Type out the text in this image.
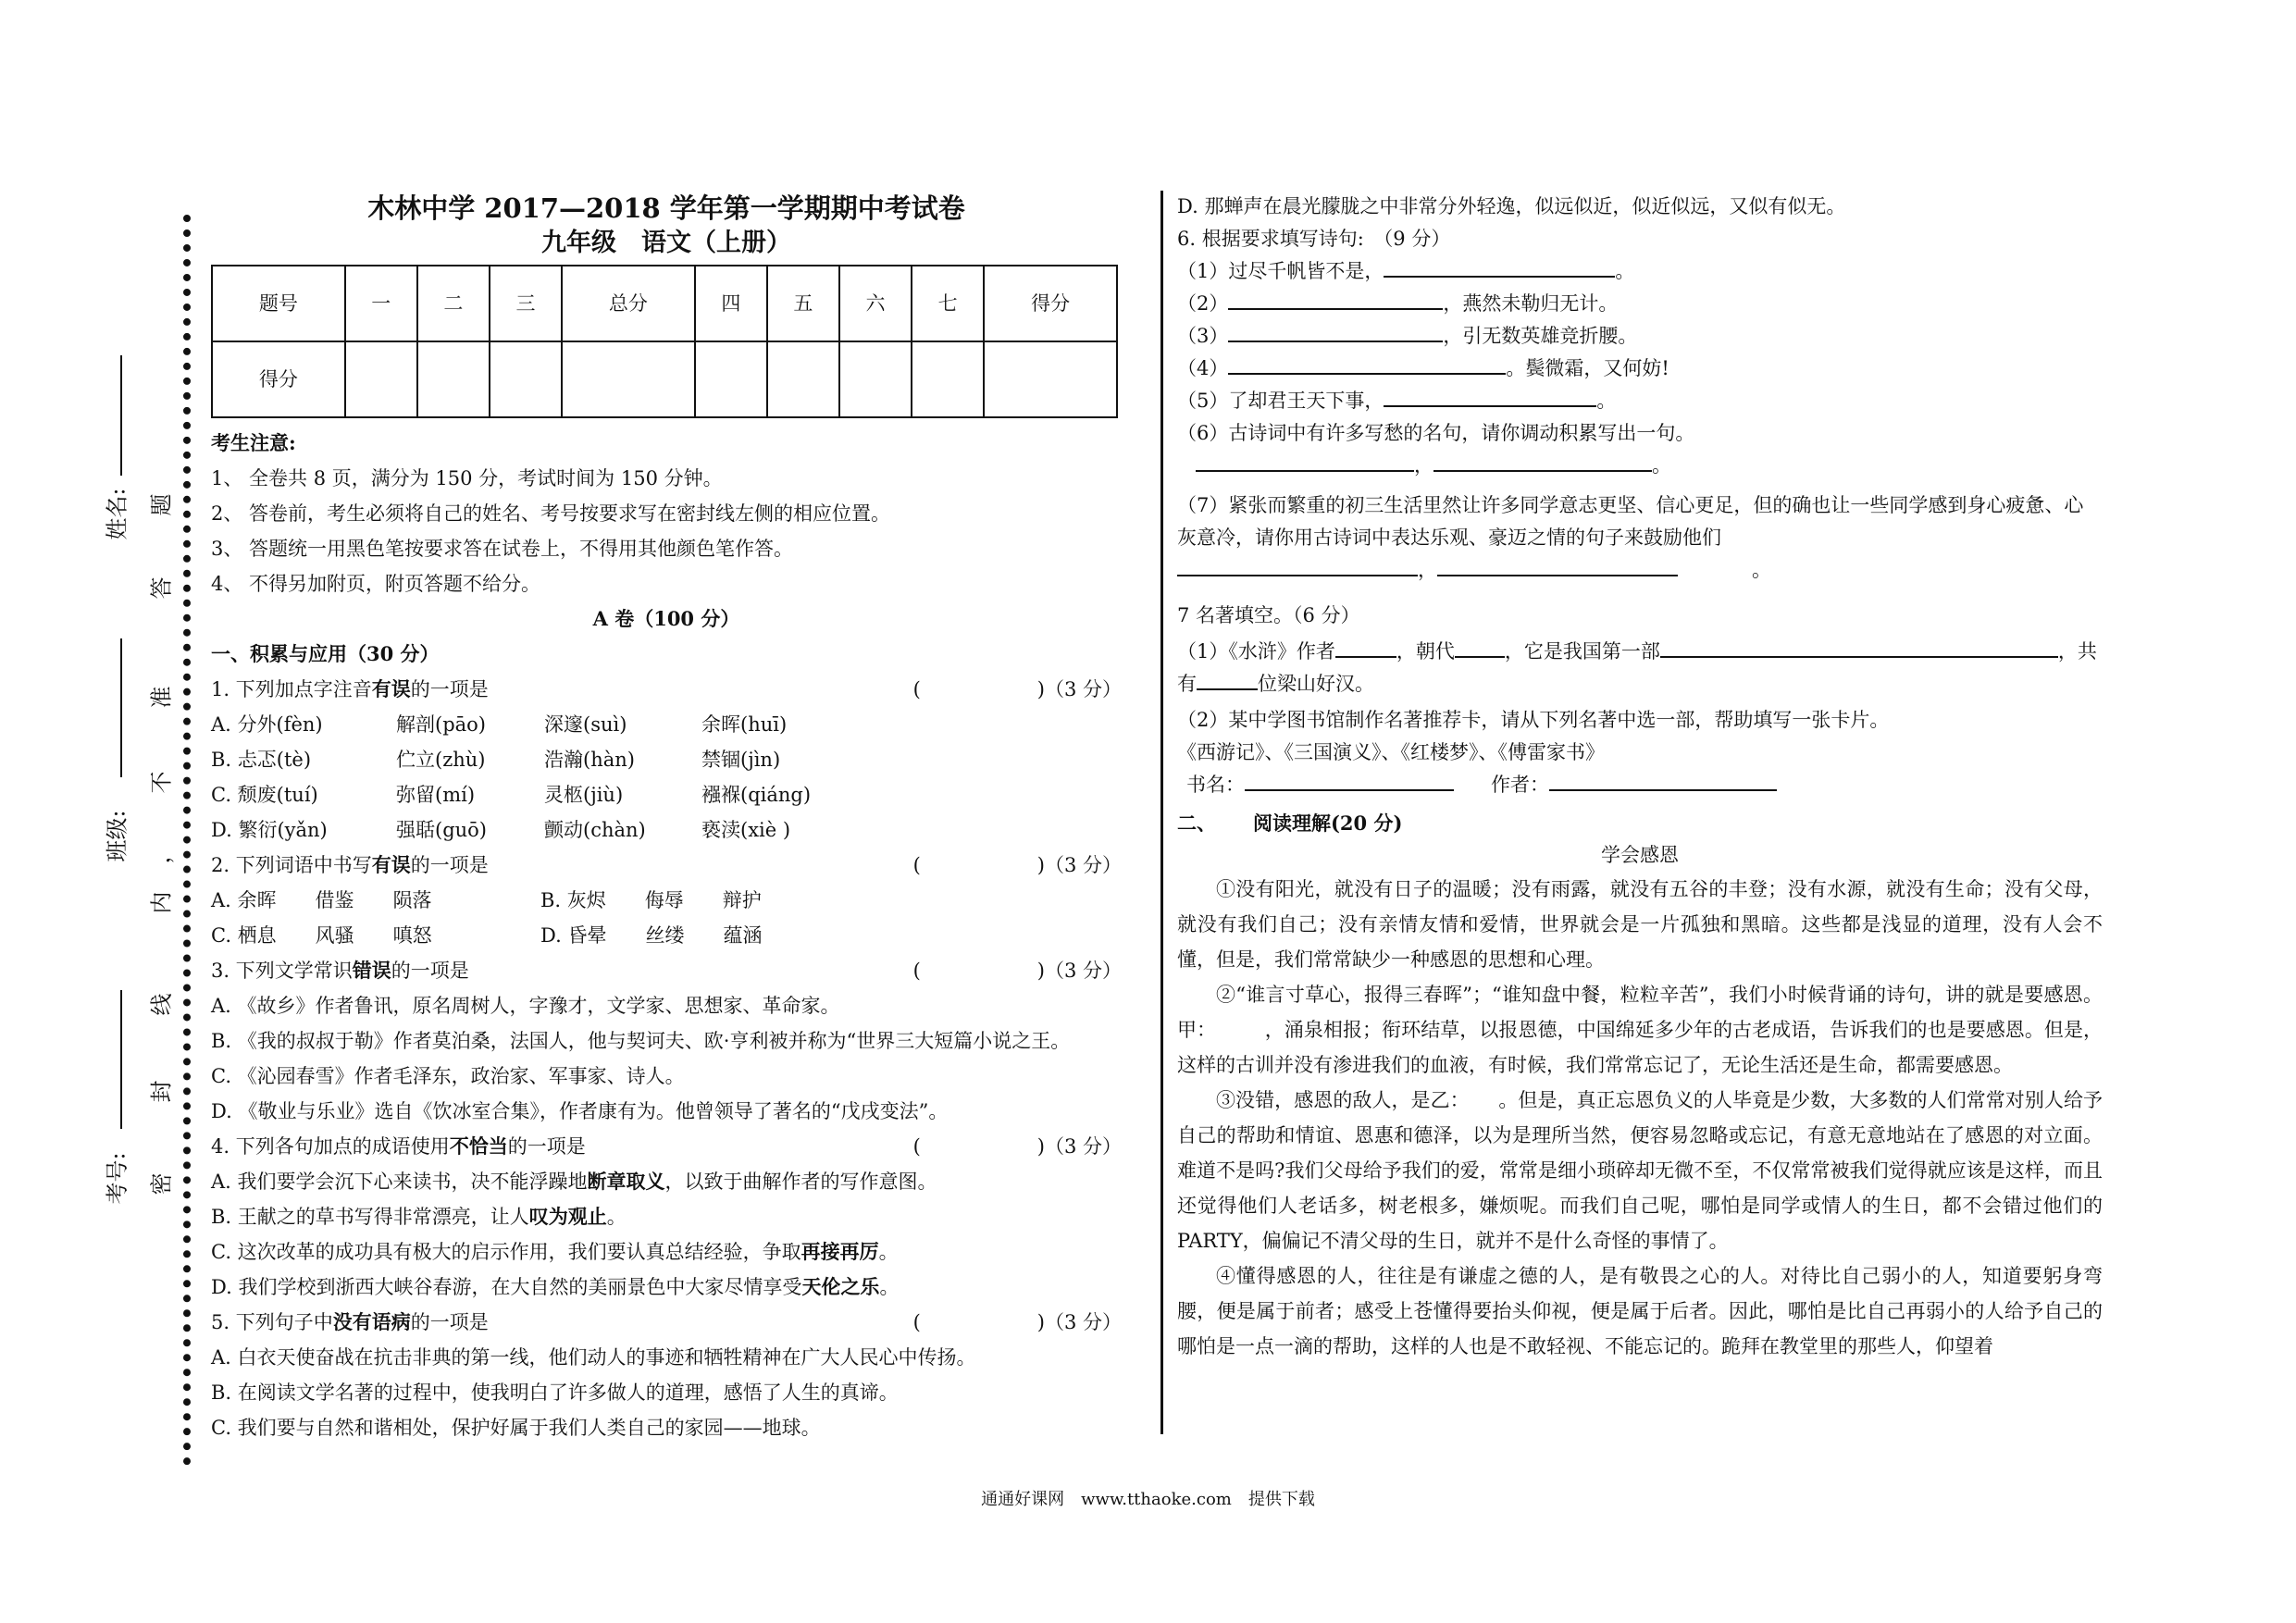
姓名:
班级:
考号: 密
封
线
内
，
不
准
答
题
木林中学 2017—2018 学年第一学期期中考试卷
九年级　语文（上册）
题号	一	二	三	总分	四	五	六	七	得分
得分									
考生注意:
1、 全卷共 8 页，满分为 150 分，考试时间为 150 分钟。
2、 答卷前，考生必须将自己的姓名、考号按要求写在密封线左侧的相应位置。
3、 答题统一用黑色笔按要求答在试卷上，不得用其他颜色笔作答。
4、 不得另加附页，附页答题不给分。
A 卷（100 分）
一、积累与应用（30 分）
1. 下列加点字注音有误的一项是	(　　　　　　)（3 分）
A. 分外(fèn)	解剖(pāo)	深邃(suì)	余晖(huī)
B. 忐忑(tè)	伫立(zhù)	浩瀚(hàn)	禁锢(jìn)
C. 颓废(tuí)	弥留(mí)	灵柩(jiù)	襁褓(qiáng)
D. 繁衍(yǎn)	强聒(guō)	颤动(chàn)	亵渎(xiè )
2. 下列词语中书写有误的一项是	(　　　　　　)（3 分）
A. 余晖　　借鉴　　陨落	B. 灰烬　　侮辱　　辩护
C. 栖息　　风骚　　嗔怒	D. 昏晕　　丝缕　　蕴涵
3. 下列文学常识错误的一项是	(　　　　　　)（3 分）
A. 《故乡》作者鲁讯，原名周树人，字豫才，文学家、思想家、革命家。
B. 《我的叔叔于勒》作者莫泊桑，法国人，他与契诃夫、欧·亨利被并称为“世界三大短篇小说之王。
C. 《沁园春雪》作者毛泽东，政治家、军事家、诗人。
D. 《敬业与乐业》选自《饮冰室合集》，作者康有为。他曾领导了著名的“戊戌变法”。
4. 下列各句加点的成语使用不恰当的一项是	(　　　　　　)（3 分）
A. 我们要学会沉下心来读书，决不能浮躁地断章取义，以致于曲解作者的写作意图。
B. 王献之的草书写得非常漂亮，让人叹为观止。
C. 这次改革的成功具有极大的启示作用，我们要认真总结经验，争取再接再厉。
D. 我们学校到浙西大峡谷春游，在大自然的美丽景色中大家尽情享受天伦之乐。
5. 下列句子中没有语病的一项是	(　　　　　　)（3 分）
A. 白衣天使奋战在抗击非典的第一线，他们动人的事迹和牺牲精神在广大人民心中传扬。
B. 在阅读文学名著的过程中，使我明白了许多做人的道理，感悟了人生的真谛。
C. 我们要与自然和谐相处，保护好属于我们人类自己的家园——地球。
D. 那蝉声在晨光朦胧之中非常分外轻逸，似远似近，似近似远，又似有似无。
6. 根据要求填写诗句:　（9 分）
（1）过尽千帆皆不是，	。
（2）	，燕然未勒归无计。
（3）	，引无数英雄竞折腰。
（4）	。鬓微霜，又何妨!
（5）了却君王天下事，	。
（6）古诗词中有许多写愁的名句，请你调动积累写出一句。
，	。
（7）紧张而繁重的初三生活里然让许多同学意志更坚、信心更足，但的确也让一些同学感到身心疲惫、心灰意冷，请你用古诗词中表达乐观、豪迈之情的句子来鼓励他们
，	。
7 名著填空。（6 分）
（1）《水浒》作者	，朝代	，它是我国第一部	，共
有	位梁山好汉。
（2）某中学图书馆制作名著推荐卡，请从下列名著中选一部，帮助填写一张卡片。
《西游记》、《三国演义》、《红楼梦》、《傅雷家书》
书名：	作者：
二、 阅读理解(20 分)
学会感恩
①没有阳光，就没有日子的温暖；没有雨露，就没有五谷的丰登；没有水源，就没有生命；没有父母，就没有我们自己；没有亲情友情和爱情，世界就会是一片孤独和黑暗。这些都是浅显的道理，没有人会不懂，但是，我们常常缺少一种感恩的思想和心理。
②“谁言寸草心，报得三春晖”；“谁知盘中餐，粒粒辛苦”，我们小时候背诵的诗句，讲的就是要感恩。甲：　　　，涌泉相报；衔环结草，以报恩德，中国绵延多少年的古老成语，告诉我们的也是要感恩。但是，这样的古训并没有渗进我们的血液，有时候，我们常常忘记了，无论生活还是生命，都需要感恩。
③没错，感恩的敌人，是乙：　　。但是，真正忘恩负义的人毕竟是少数，大多数的人们常常对别人给予自己的帮助和情谊、恩惠和德泽，以为是理所当然，便容易忽略或忘记，有意无意地站在了感恩的对立面。难道不是吗?我们父母给予我们的爱，常常是细小琐碎却无微不至，不仅常常被我们觉得就应该是这样，而且还觉得他们人老话多，树老根多，嫌烦呢。而我们自己呢，哪怕是同学或情人的生日，都不会错过他们的 PARTY，偏偏记不清父母的生日，就并不是什么奇怪的事情了。
④懂得感恩的人，往往是有谦虚之德的人，是有敬畏之心的人。对待比自己弱小的人，知道要躬身弯腰，便是属于前者；感受上苍懂得要抬头仰视，便是属于后者。因此，哪怕是比自己再弱小的人给予自己的哪怕是一点一滴的帮助，这样的人也是不敢轻视、不能忘记的。跪拜在教堂里的那些人，仰望着
通通好课网　www.tthaoke.com　提供下载
